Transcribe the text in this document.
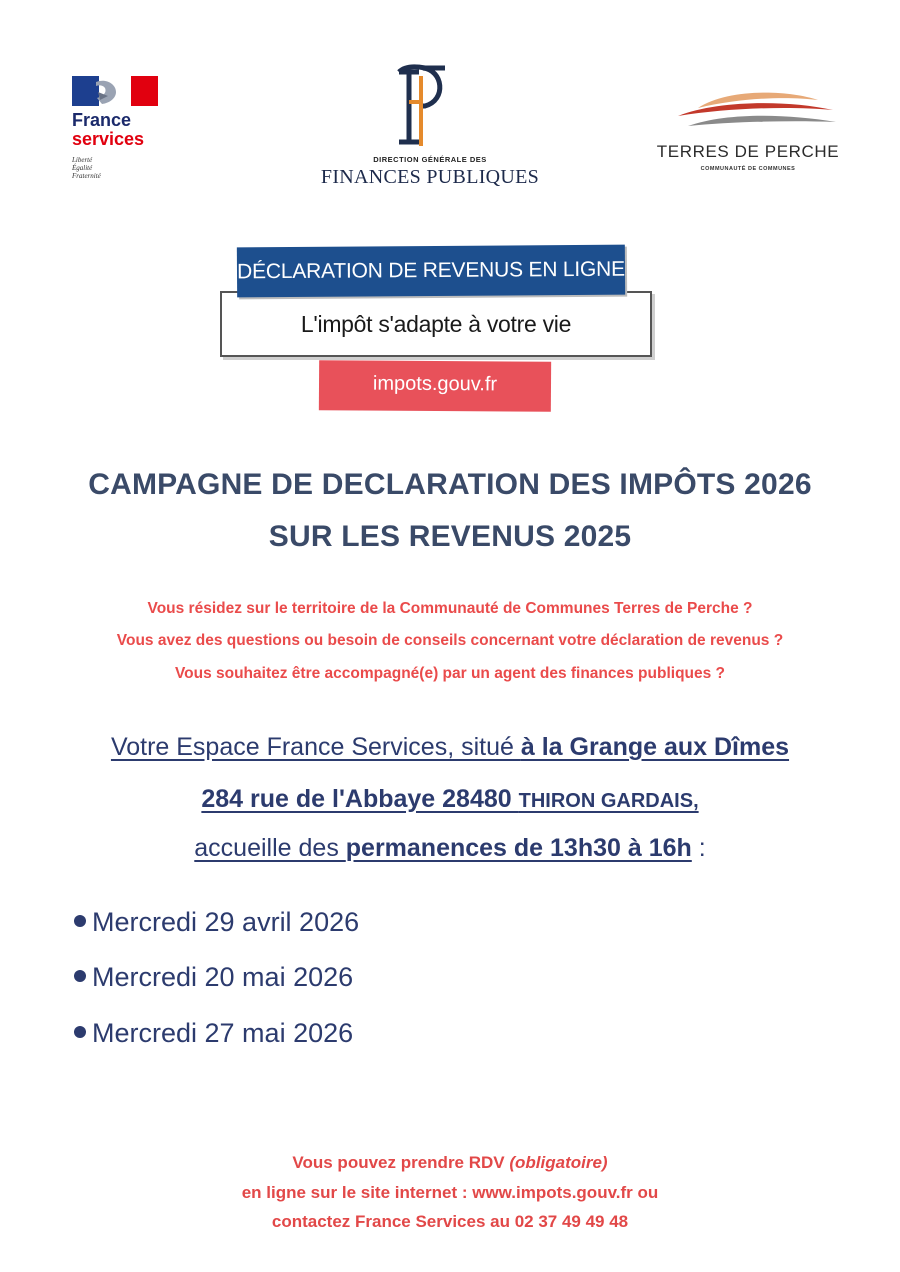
France
services
Liberté
Égalité
Fraternité
DIRECTION GÉNÉRALE DES
FINANCES PUBLIQUES
TERRES DE PERCHE
COMMUNAUTÉ DE COMMUNES
L'impôt s'adapte à votre vie
DÉCLARATION DE REVENUS EN LIGNE
impots.gouv.fr
CAMPAGNE DE DECLARATION DES IMPÔTS 2026
SUR LES REVENUS 2025
Vous résidez sur le territoire de la Communauté de Communes Terres de Perche ?
Vous avez des questions ou besoin de conseils concernant votre déclaration de revenus ?
Vous souhaitez être accompagné(e) par un agent des finances publiques ?
Votre Espace France Services, situé à la Grange aux Dîmes
284 rue de l'Abbaye 28480 THIRON GARDAIS,
accueille des permanences de 13h30 à 16h :
Mercredi 29 avril 2026
Mercredi 20 mai 2026
Mercredi 27 mai 2026
Vous pouvez prendre RDV (obligatoire)
en ligne sur le site internet : www.impots.gouv.fr ou
contactez France Services au 02 37 49 49 48
